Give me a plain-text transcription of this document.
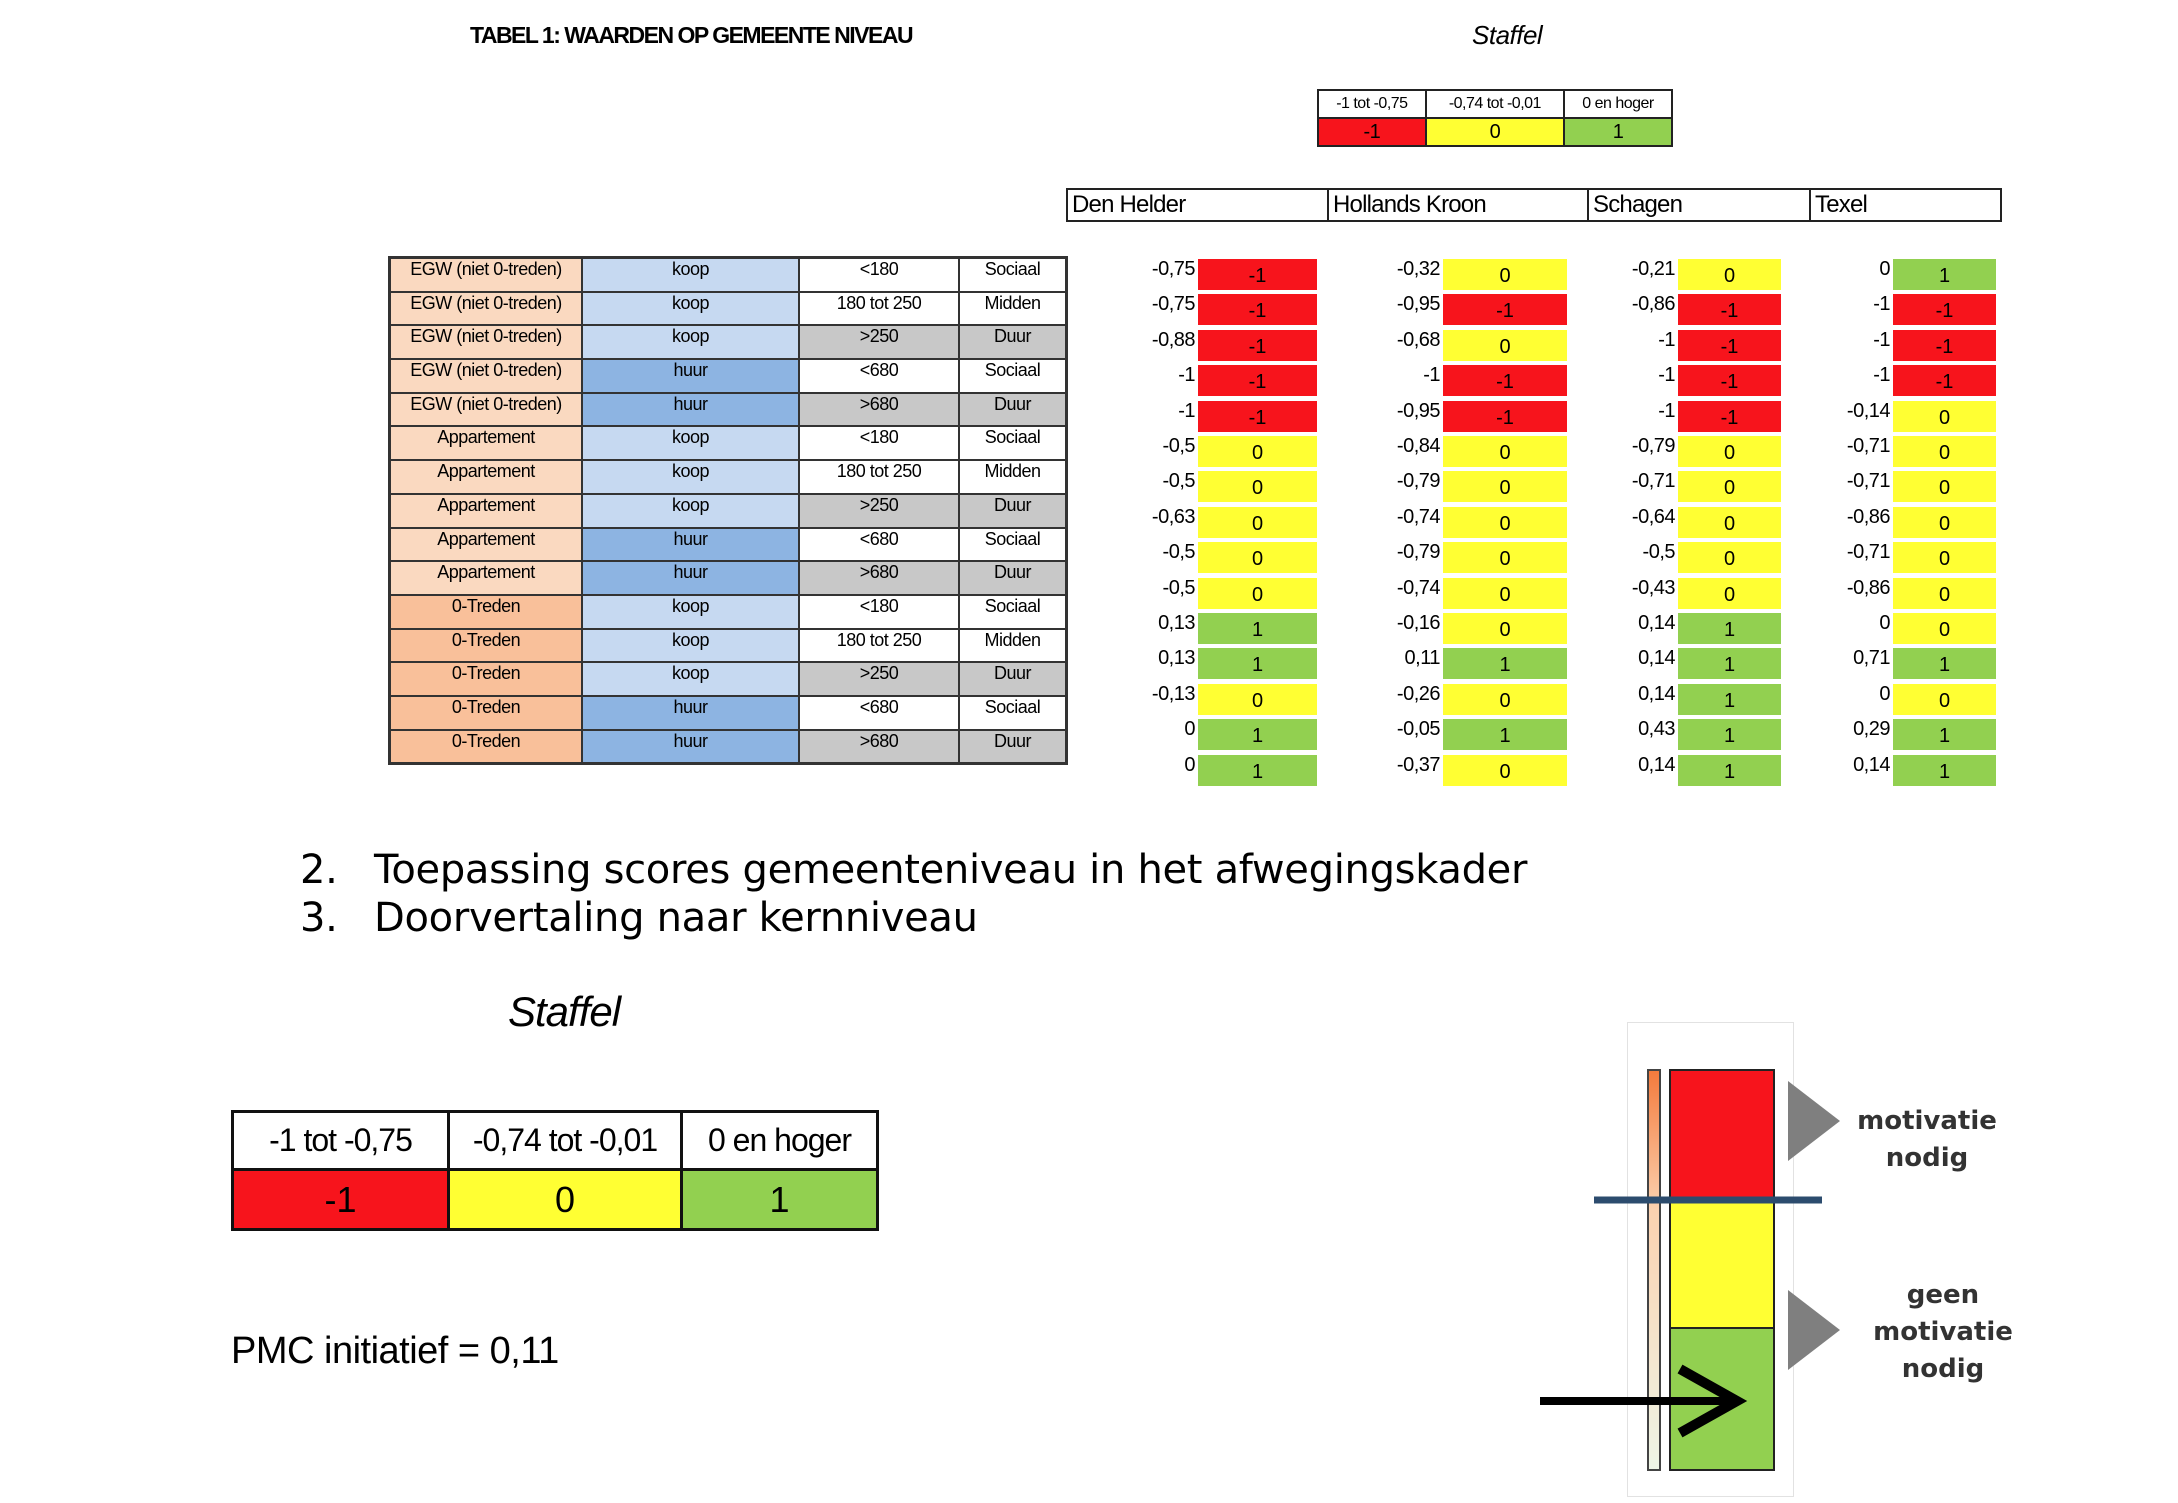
TABEL 1: WAARDEN OP GEMEENTE NIVEAU	Staffel
-1 tot -0,75	-0,74 tot -0,01	0 en hoger
-1	0	1
Den Helder	Hollands Kroon	Schagen	Texel
EGW (niet 0-treden)	koop	<180	Sociaal
EGW (niet 0-treden)	koop	180 tot 250	Midden
EGW (niet 0-treden)	koop	>250	Duur
EGW (niet 0-treden)	huur	<680	Sociaal
EGW (niet 0-treden)	huur	>680	Duur
Appartement	koop	<180	Sociaal
Appartement	koop	180 tot 250	Midden
Appartement	koop	>250	Duur
Appartement	huur	<680	Sociaal
Appartement	huur	>680	Duur
0-Treden	koop	<180	Sociaal
0-Treden	koop	180 tot 250	Midden
0-Treden	koop	>250	Duur
0-Treden	huur	<680	Sociaal
0-Treden	huur	>680	Duur
-0,75	-1	-0,32	0	-0,21	0	0	1
-0,75	-1	-0,95	-1	-0,86	-1	-1	-1
-0,88	-1	-0,68	0	-1	-1	-1	-1
-1	-1	-1	-1	-1	-1	-1	-1
-1	-1	-0,95	-1	-1	-1	-0,14	0
-0,5	0	-0,84	0	-0,79	0	-0,71	0
-0,5	0	-0,79	0	-0,71	0	-0,71	0
-0,63	0	-0,74	0	-0,64	0	-0,86	0
-0,5	0	-0,79	0	-0,5	0	-0,71	0
-0,5	0	-0,74	0	-0,43	0	-0,86	0
0,13	1	-0,16	0	0,14	1	0	0
0,13	1	0,11	1	0,14	1	0,71	1
-0,13	0	-0,26	0	0,14	1	0	0
0	1	-0,05	1	0,43	1	0,29	1
0	1	-0,37	0	0,14	1	0,14	1
2. Toepassing scores gemeenteniveau in het afwegingskader
3. Doorvertaling naar kernniveau
Staffel
-1 tot -0,75	-0,74 tot -0,01	0 en hoger
-1	0	1
PMC initiatief = 0,11
motivatie
nodig
geen
motivatie
nodig
